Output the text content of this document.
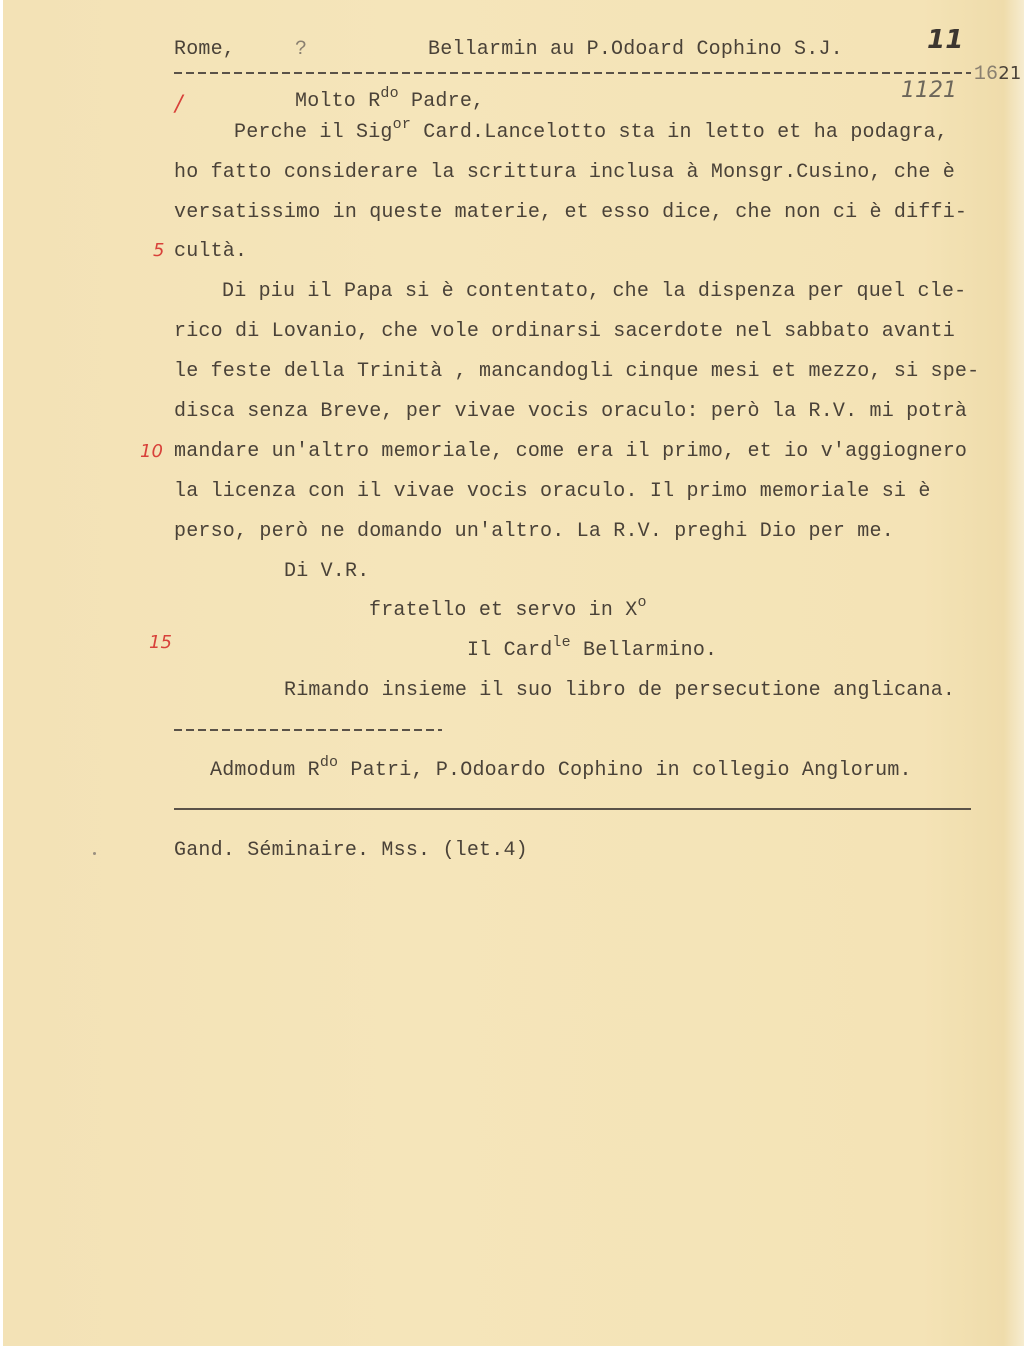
Rome,	?	Bellarmin au P.Odoard Cophino S.J.

1621

11

1121
/
5
10
15
Molto $R^{do}$ Padre,
Perche il Sig$^{or}$ Card.Lancelotto sta in letto et ha podagra,
ho fatto considerare la scrittura inclusa à Monsgr.Cusino, che è
versatissimo in queste materie, et esso dice, che non ci è diffi-
cultà.
Di piu il Papa si è contentato, che la dispenza per quel cle-
rico di Lovanio, che vole ordinarsi sacerdote nel sabbato avanti
le feste della Trinità , mancandogli cinque mesi et mezzo, si spe-
disca senza Breve, per vivae vocis oraculo: però la R.V. mi potrà
mandare un'altro memoriale, come era il primo, et io v'aggiognero
la licenza con il vivae vocis oraculo. Il primo memoriale si è
perso, però ne domando un'altro. La R.V. preghi Dio per me.
Di V.R.
fratello et servo in $X^o$
Il Card$^{le}$ Bellarmino.
Rimando insieme il suo libro de persecutione anglicana.
Admodum $R^{do}$ Patri, P.Odoardo Cophino in collegio Anglorum.
Gand. Séminaire. Mss. (let.4)
